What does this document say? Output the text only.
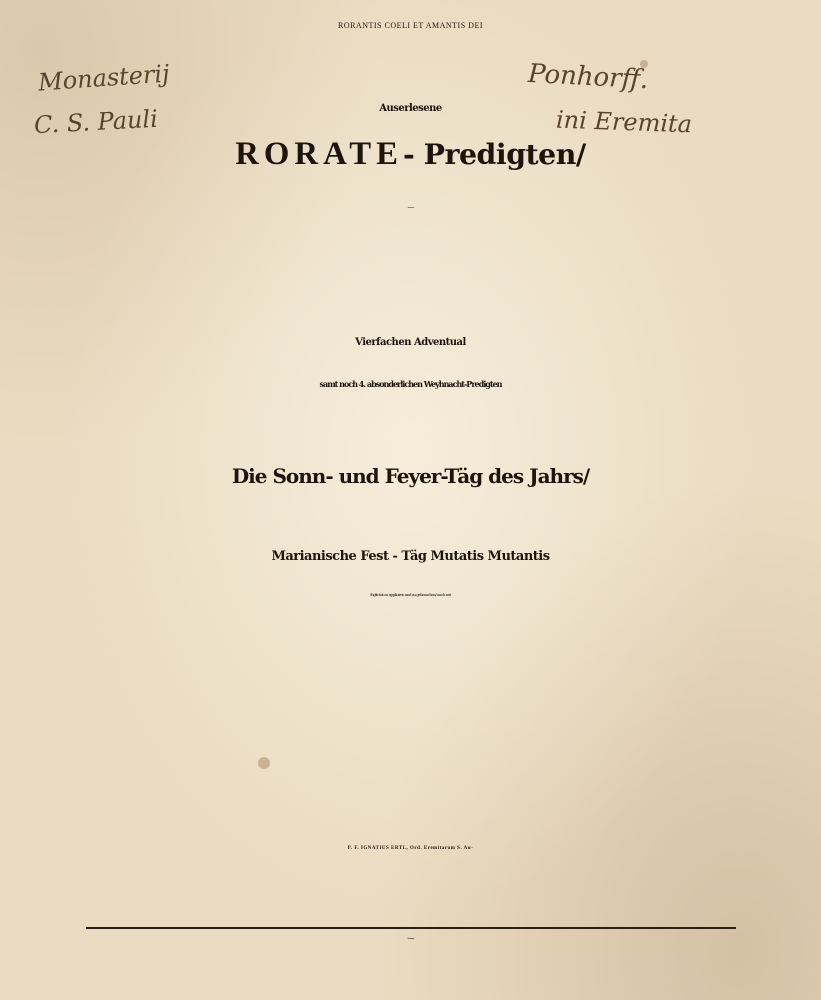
Monasterij
C. S. Pauli
Ponhorff.
ini Eremita
RORANTIS COELI ET AMANTIS DEI
Auserlesene
RORATE - Predigten/
Welche über das Gnadenreiche Geheimnuß der heiligsten
Vierfachen Adventual
samt noch 4. absonderlichen Weyhnacht-Predigten
Die Sonn- und Feyer-Täg des Jahrs/
Marianische Fest - Täg Mutatis Mutantis
füglichst zu appliciren und zu gebrauchen/ auch mit
P. F. IGNATIUS ERTL, Ord. Eremitarum S. Au-
Nürnberg/
